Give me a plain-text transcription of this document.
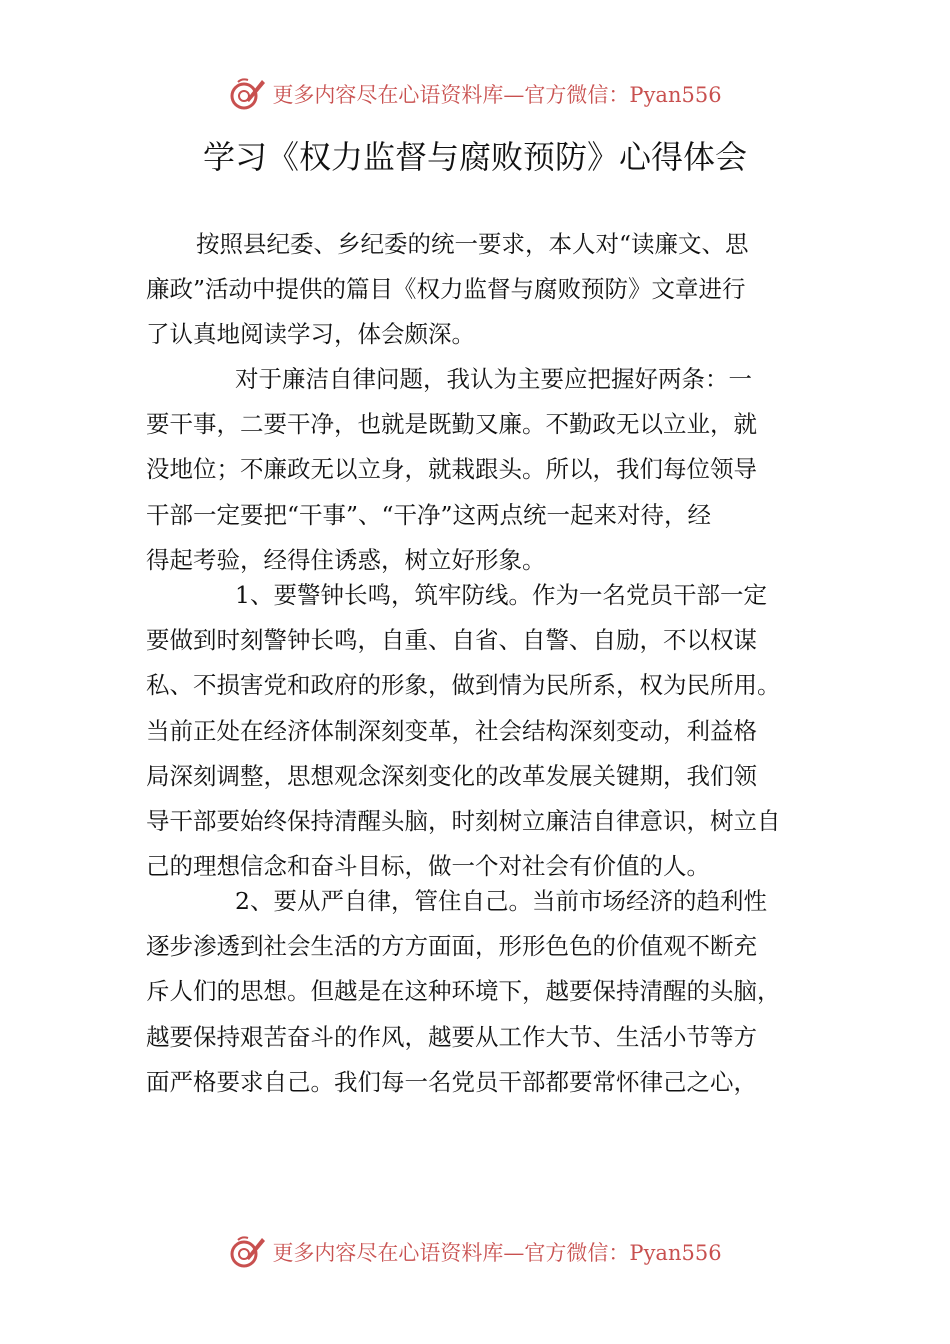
更多内容尽在心语资料库—官方微信：Pyan556
学习《权力监督与腐败预防》心得体会
按照县纪委、乡纪委的统一要求，本人对“读廉文、思
廉政”活动中提供的篇目《权力监督与腐败预防》文章进行
了认真地阅读学习，体会颇深。
对于廉洁自律问题，我认为主要应把握好两条：一
要干事，二要干净，也就是既勤又廉。不勤政无以立业，就
没地位；不廉政无以立身，就栽跟头。所以，我们每位领导
干部一定要把“干事”、“干净”这两点统一起来对待，经
得起考验，经得住诱惑，树立好形象。
1、要警钟长鸣，筑牢防线。作为一名党员干部一定
要做到时刻警钟长鸣，自重、自省、自警、自励，不以权谋
私、不损害党和政府的形象，做到情为民所系，权为民所用。
当前正处在经济体制深刻变革，社会结构深刻变动，利益格
局深刻调整，思想观念深刻变化的改革发展关键期，我们领
导干部要始终保持清醒头脑，时刻树立廉洁自律意识，树立自
己的理想信念和奋斗目标，做一个对社会有价值的人。
2、要从严自律，管住自己。当前市场经济的趋利性
逐步渗透到社会生活的方方面面，形形色色的价值观不断充
斥人们的思想。但越是在这种环境下，越要保持清醒的头脑，
越要保持艰苦奋斗的作风，越要从工作大节、生活小节等方
面严格要求自己。我们每一名党员干部都要常怀律己之心，
更多内容尽在心语资料库—官方微信：Pyan556
